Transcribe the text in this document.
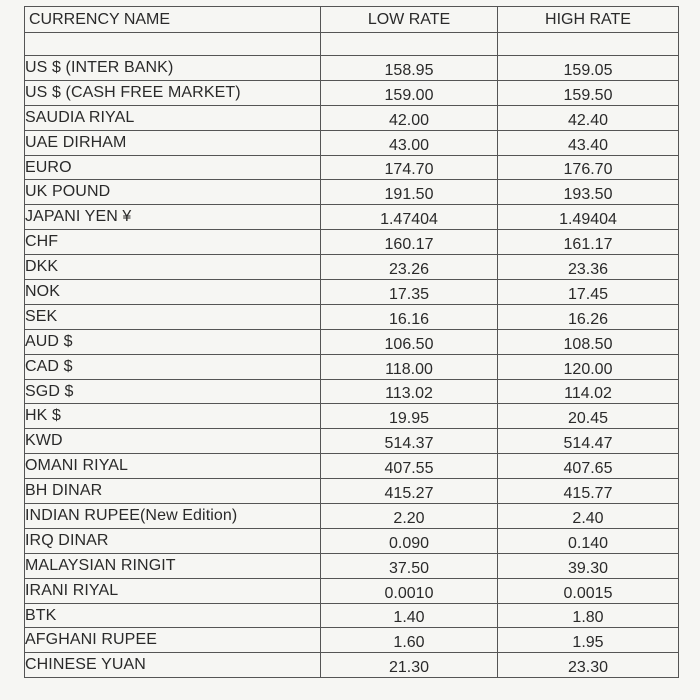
CURRENCY NAME	LOW RATE	HIGH RATE

US $ (INTER BANK)	158.95	159.05
US $ (CASH FREE MARKET)	159.00	159.50
SAUDIA RIYAL	42.00	42.40
UAE DIRHAM	43.00	43.40
EURO	174.70	176.70
UK POUND	191.50	193.50
JAPANI YEN ¥	1.47404	1.49404
CHF	160.17	161.17
DKK	23.26	23.36
NOK	17.35	17.45
SEK	16.16	16.26
AUD $	106.50	108.50
CAD $	118.00	120.00
SGD $	113.02	114.02
HK $	19.95	20.45
KWD	514.37	514.47
OMANI RIYAL	407.55	407.65
BH DINAR	415.27	415.77
INDIAN RUPEE(New Edition)	2.20	2.40
IRQ DINAR	0.090	0.140
MALAYSIAN RINGIT	37.50	39.30
IRANI RIYAL	0.0010	0.0015
BTK	1.40	1.80
AFGHANI RUPEE	1.60	1.95
CHINESE YUAN	21.30	23.30
